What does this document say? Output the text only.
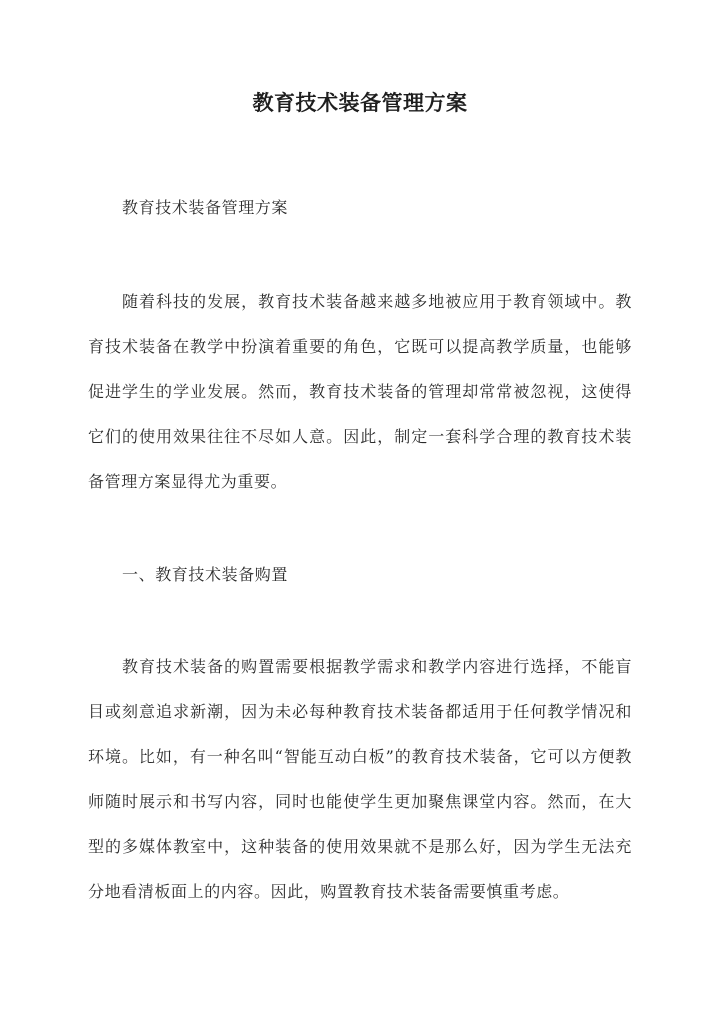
教育技术装备管理方案
教育技术装备管理方案
随着科技的发展，教育技术装备越来越多地被应用于教育领域中。教育技术装备在教学中扮演着重要的角色，它既可以提高教学质量，也能够促进学生的学业发展。然而，教育技术装备的管理却常常被忽视，这使得它们的使用效果往往不尽如人意。因此，制定一套科学合理的教育技术装备管理方案显得尤为重要。
一、教育技术装备购置
教育技术装备的购置需要根据教学需求和教学内容进行选择，不能盲目或刻意追求新潮，因为未必每种教育技术装备都适用于任何教学情况和环境。比如，有一种名叫“智能互动白板”的教育技术装备，它可以方便教师随时展示和书写内容，同时也能使学生更加聚焦课堂内容。然而，在大型的多媒体教室中，这种装备的使用效果就不是那么好，因为学生无法充分地看清板面上的内容。因此，购置教育技术装备需要慎重考虑。
